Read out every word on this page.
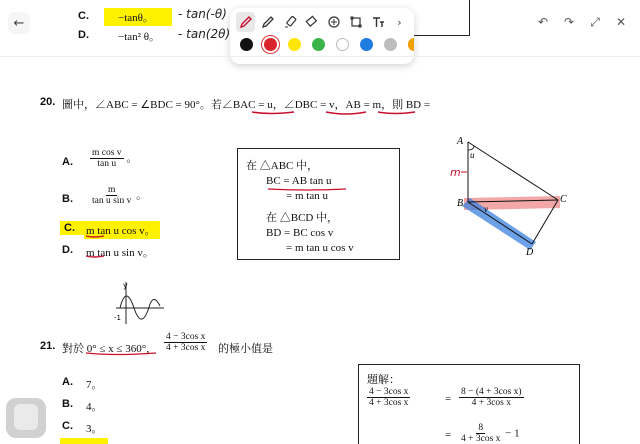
←	C.	−tanθ。	- tan(-θ)
D.	−tan² θ。 - tan(2θ)
›	↶ ↷ ⤢ ✕
20. 圖中，∠ABC = ∠BDC = 90°。若∠BAC = u，∠DBC = v，AB = m，則 BD =
A. $\frac{\text{m cos v}}{\text{tan u}}$ 。
B. $\frac{m}{\text{tan u sin v}}$ 。
C.	m tan u cos v。
D. m tan u sin v。
在 △ABC 中，
BC = AB tan u
= m tan u
在 △BCD 中，
BD = BC cos v
= m tan u cos v
A
B	C
D
u
v
m
y
-1
21. 對於 0° ≤ x ≤ 360°， $\frac{\text{4 − 3cos x}}{\text{4 + 3cos x}}$ 的極小值是
A. 7。
B. 4。
C. 3。
題解：
$\frac{\text{4 − 3cos x}}{\text{4 + 3cos x}}$	= $\frac{\text{8 − (4 + 3cos x)}}{\text{4 + 3cos x}}$
= $\frac{8}{\text{4 + 3cos x}} - 1$
